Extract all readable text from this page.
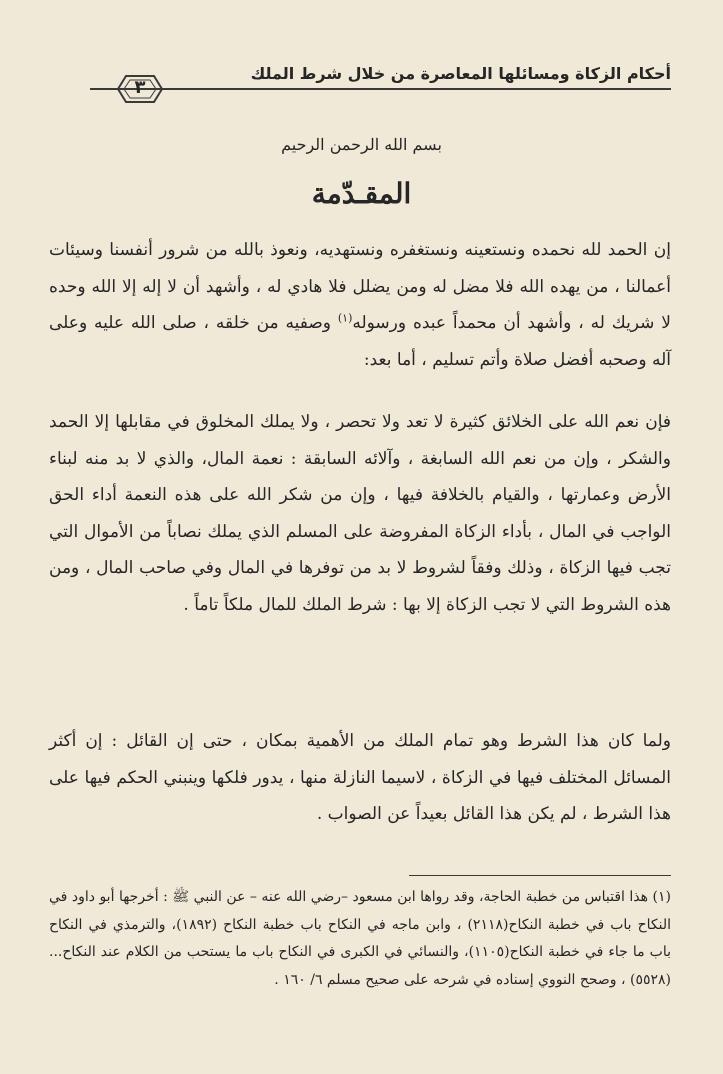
أحكام الزكاة ومسائلها المعاصرة من خلال شرط الملك
٣
بسم الله الرحمن الرحيم
المقـدّمة
إن الحمد لله نحمده ونستعينه ونستغفره ونستهديه، ونعوذ بالله من شرور أنفسنا وسيئات أعمالنا ، من يهده الله فلا مضل له ومن يضلل فلا هادي له ، وأشهد أن لا إله إلا الله وحده لا شريك له ، وأشهد أن محمداً عبده ورسوله$^{(١)}$ وصفيه من خلقه ، صلى الله عليه وعلى آله وصحبه أفضل صلاة وأتم تسليم ، أما بعد:
فإن نعم الله على الخلائق كثيرة لا تعد ولا تحصر ، ولا يملك المخلوق في مقابلها إلا الحمد والشكر ، وإن من نعم الله السابغة ، وآلائه السابقة : نعمة المال، والذي لا بد منه لبناء الأرض وعمارتها ، والقيام بالخلافة فيها ، وإن من شكر الله على هذه النعمة أداء الحق الواجب في المال ، بأداء الزكاة المفروضة على المسلم الذي يملك نصاباً من الأموال التي تجب فيها الزكاة ، وذلك وفقاً لشروط لا بد من توفرها في المال وفي صاحب المال ، ومن هذه الشروط التي لا تجب الزكاة إلا بها : شرط الملك للمال ملكاً تاماً .
ولما كان هذا الشرط وهو تمام الملك من الأهمية بمكان ، حتى إن القائل : إن أكثر المسائل المختلف فيها في الزكاة ، لاسيما النازلة منها ، يدور فلكها وينبني الحكم فيها على هذا الشرط ، لم يكن هذا القائل بعيداً عن الصواب .
(١) هذا اقتباس من خطبة الحاجة، وقد رواها ابن مسعود –رضي الله عنه – عن النبي ﷺ : أخرجها أبو داود في النكاح باب في خطبة النكاح(٢١١٨) ، وابن ماجه في النكاح باب خطبة النكاح (١٨٩٢)، والترمذي في النكاح باب ما جاء في خطبة النكاح(١١٠٥)، والنسائي في الكبرى في النكاح باب ما يستحب من الكلام عند النكاح...(٥٥٢٨) ، وصحح النووي إسناده في شرحه على صحيح مسلم ٦/ ١٦٠ .
